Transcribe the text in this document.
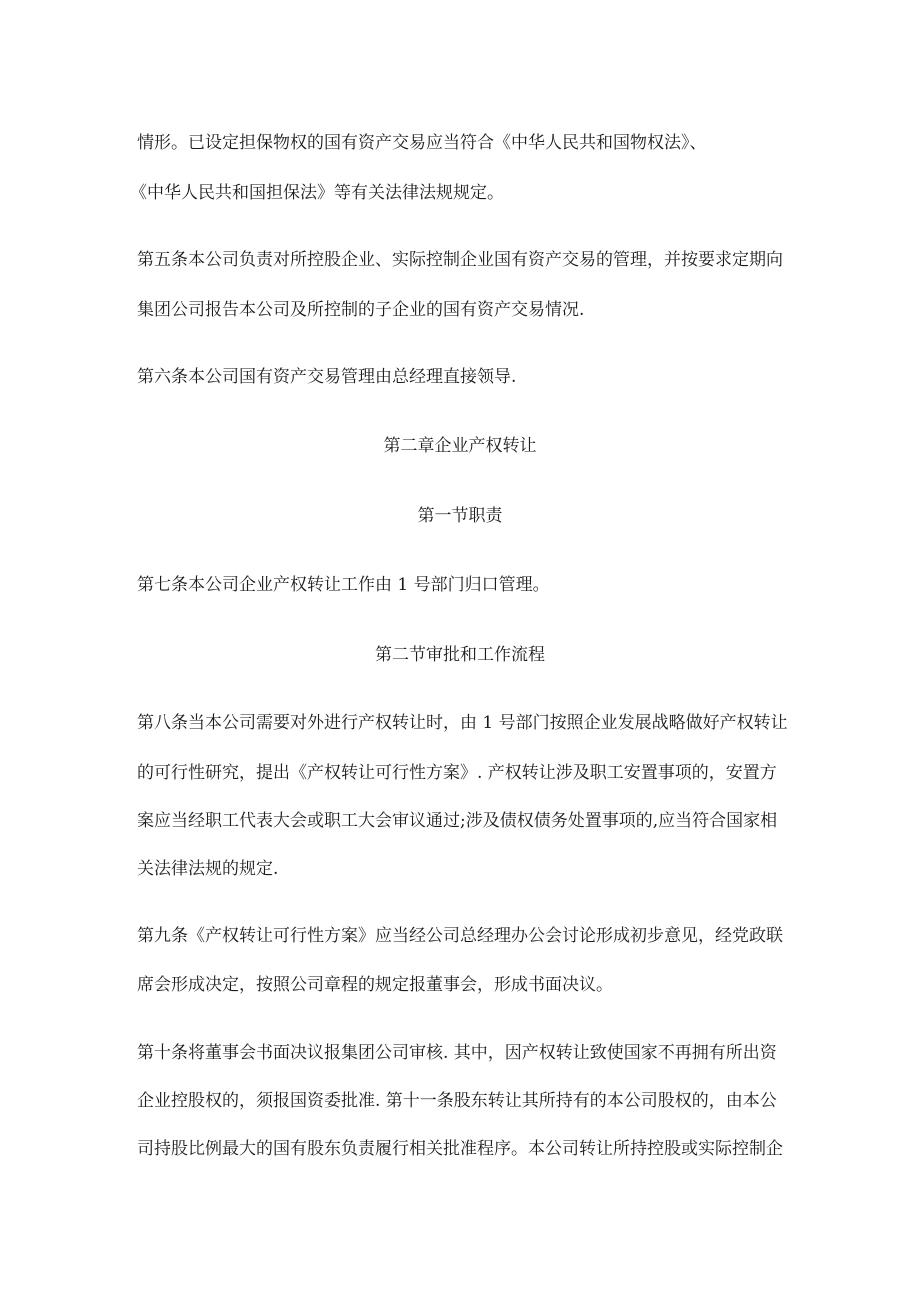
情形。已设定担保物权的国有资产交易应当符合《中华人民共和国物权法》、
《中华人民共和国担保法》等有关法律法规规定。
第五条本公司负责对所控股企业、实际控制企业国有资产交易的管理，并按要求定期向
集团公司报告本公司及所控制的子企业的国有资产交易情况.
第六条本公司国有资产交易管理由总经理直接领导.
第二章企业产权转让
第一节职责
第七条本公司企业产权转让工作由 1 号部门归口管理。
第二节审批和工作流程
第八条当本公司需要对外进行产权转让时，由 1 号部门按照企业发展战略做好产权转让
的可行性研究，提出《产权转让可行性方案》. 产权转让涉及职工安置事项的，安置方
案应当经职工代表大会或职工大会审议通过;涉及债权债务处置事项的,应当符合国家相
关法律法规的规定.
第九条《产权转让可行性方案》应当经公司总经理办公会讨论形成初步意见，经党政联
席会形成决定，按照公司章程的规定报董事会，形成书面决议。
第十条将董事会书面决议报集团公司审核. 其中，因产权转让致使国家不再拥有所出资
企业控股权的，须报国资委批准. 第十一条股东转让其所持有的本公司股权的，由本公
司持股比例最大的国有股东负责履行相关批准程序。本公司转让所持控股或实际控制企
